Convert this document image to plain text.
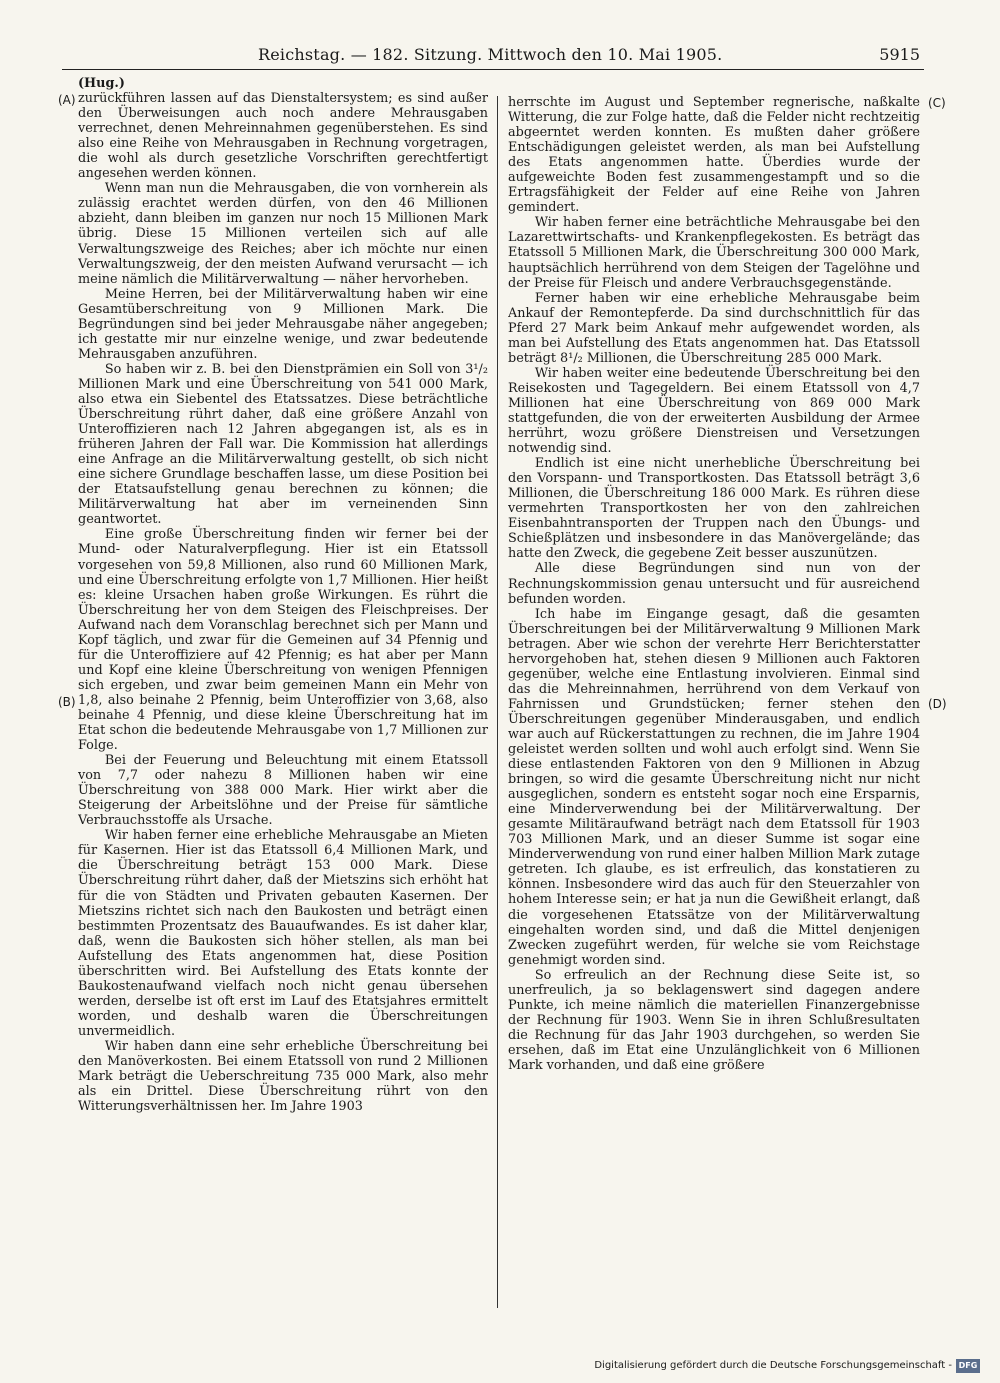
Reichstag. — 182. Sitzung. Mittwoch den 10. Mai 1905.	5915
(A)
(B)
(C)
(D)

(Hug.)

zurückführen lassen auf das Dienstaltersystem; es sind außer den Überweisungen auch noch andere Mehrausgaben verrechnet, denen Mehreinnahmen gegenüberstehen. Es sind also eine Reihe von Mehrausgaben in Rechnung vorgetragen, die wohl als durch gesetzliche Vorschriften gerechtfertigt angesehen werden können.

Wenn man nun die Mehrausgaben, die von vornherein als zulässig erachtet werden dürfen, von den 46 Millionen abzieht, dann bleiben im ganzen nur noch 15 Millionen Mark übrig. Diese 15 Millionen verteilen sich auf alle Verwaltungszweige des Reiches; aber ich möchte nur einen Verwaltungszweig, der den meisten Aufwand verursacht — ich meine nämlich die Militärverwaltung — näher hervorheben.

Meine Herren, bei der Militärverwaltung haben wir eine Gesamtüberschreitung von 9 Millionen Mark. Die Begründungen sind bei jeder Mehrausgabe näher angegeben; ich gestatte mir nur einzelne wenige, und zwar bedeutende Mehrausgaben anzuführen.

So haben wir z. B. bei den Dienstprämien ein Soll von 3¹/₂ Millionen Mark und eine Überschreitung von 541 000 Mark, also etwa ein Siebentel des Etatssatzes. Diese beträchtliche Überschreitung rührt daher, daß eine größere Anzahl von Unteroffizieren nach 12 Jahren abgegangen ist, als es in früheren Jahren der Fall war. Die Kommission hat allerdings eine Anfrage an die Militärverwaltung gestellt, ob sich nicht eine sichere Grundlage beschaffen lasse, um diese Position bei der Etatsaufstellung genau berechnen zu können; die Militärverwaltung hat aber im verneinenden Sinn geantwortet.

Eine große Überschreitung finden wir ferner bei der Mund- oder Naturalverpflegung. Hier ist ein Etatssoll vorgesehen von 59,8 Millionen, also rund 60 Millionen Mark, und eine Überschreitung erfolgte von 1,7 Millionen. Hier heißt es: kleine Ursachen haben große Wirkungen. Es rührt die Überschreitung her von dem Steigen des Fleischpreises. Der Aufwand nach dem Voranschlag berechnet sich per Mann und Kopf täglich, und zwar für die Gemeinen auf 34 Pfennig und für die Unteroffiziere auf 42 Pfennig; es hat aber per Mann und Kopf eine kleine Überschreitung von wenigen Pfennigen sich ergeben, und zwar beim gemeinen Mann ein Mehr von 1,8, also beinahe 2 Pfennig, beim Unteroffizier von 3,68, also beinahe 4 Pfennig, und diese kleine Überschreitung hat im Etat schon die bedeutende Mehrausgabe von 1,7 Millionen zur Folge.

Bei der Feuerung und Beleuchtung mit einem Etatssoll von 7,7 oder nahezu 8 Millionen haben wir eine Überschreitung von 388 000 Mark. Hier wirkt aber die Steigerung der Arbeitslöhne und der Preise für sämtliche Verbrauchsstoffe als Ursache.

Wir haben ferner eine erhebliche Mehrausgabe an Mieten für Kasernen. Hier ist das Etatssoll 6,4 Millionen Mark, und die Überschreitung beträgt 153 000 Mark. Diese Überschreitung rührt daher, daß der Mietszins sich erhöht hat für die von Städten und Privaten gebauten Kasernen. Der Mietszins richtet sich nach den Baukosten und beträgt einen bestimmten Prozentsatz des Bauaufwandes. Es ist daher klar, daß, wenn die Baukosten sich höher stellen, als man bei Aufstellung des Etats angenommen hat, diese Position überschritten wird. Bei Aufstellung des Etats konnte der Baukostenaufwand vielfach noch nicht genau übersehen werden, derselbe ist oft erst im Lauf des Etatsjahres ermittelt worden, und deshalb waren die Überschreitungen unvermeidlich.

Wir haben dann eine sehr erhebliche Überschreitung bei den Manöverkosten. Bei einem Etatssoll von rund 2 Millionen Mark beträgt die Ueberschreitung 735 000 Mark, also mehr als ein Drittel. Diese Überschreitung rührt von den Witterungsverhältnissen her. Im Jahre 1903

herrschte im August und September regnerische, naßkalte Witterung, die zur Folge hatte, daß die Felder nicht rechtzeitig abgeerntet werden konnten. Es mußten daher größere Entschädigungen geleistet werden, als man bei Aufstellung des Etats angenommen hatte. Überdies wurde der aufgeweichte Boden fest zusammengestampft und so die Ertragsfähigkeit der Felder auf eine Reihe von Jahren gemindert.

Wir haben ferner eine beträchtliche Mehrausgabe bei den Lazarettwirtschafts- und Krankenpflegekosten. Es beträgt das Etatssoll 5 Millionen Mark, die Überschreitung 300 000 Mark, hauptsächlich herrührend von dem Steigen der Tagelöhne und der Preise für Fleisch und andere Verbrauchsgegenstände.

Ferner haben wir eine erhebliche Mehrausgabe beim Ankauf der Remontepferde. Da sind durchschnittlich für das Pferd 27 Mark beim Ankauf mehr aufgewendet worden, als man bei Aufstellung des Etats angenommen hat. Das Etatssoll beträgt 8¹/₂ Millionen, die Überschreitung 285 000 Mark.

Wir haben weiter eine bedeutende Überschreitung bei den Reisekosten und Tagegeldern. Bei einem Etatssoll von 4,7 Millionen hat eine Überschreitung von 869 000 Mark stattgefunden, die von der erweiterten Ausbildung der Armee herrührt, wozu größere Dienstreisen und Versetzungen notwendig sind.

Endlich ist eine nicht unerhebliche Überschreitung bei den Vorspann- und Transportkosten. Das Etatssoll beträgt 3,6 Millionen, die Überschreitung 186 000 Mark. Es rühren diese vermehrten Transportkosten her von den zahlreichen Eisenbahntransporten der Truppen nach den Übungs- und Schießplätzen und insbesondere in das Manövergelände; das hatte den Zweck, die gegebene Zeit besser auszunützen.

Alle diese Begründungen sind nun von der Rechnungskommission genau untersucht und für ausreichend befunden worden.

Ich habe im Eingange gesagt, daß die gesamten Überschreitungen bei der Militärverwaltung 9 Millionen Mark betragen. Aber wie schon der verehrte Herr Berichterstatter hervorgehoben hat, stehen diesen 9 Millionen auch Faktoren gegenüber, welche eine Entlastung involvieren. Einmal sind das die Mehreinnahmen, herrührend von dem Verkauf von Fahrnissen und Grundstücken; ferner stehen den Überschreitungen gegenüber Minderausgaben, und endlich war auch auf Rückerstattungen zu rechnen, die im Jahre 1904 geleistet werden sollten und wohl auch erfolgt sind. Wenn Sie diese entlastenden Faktoren von den 9 Millionen in Abzug bringen, so wird die gesamte Überschreitung nicht nur nicht ausgeglichen, sondern es entsteht sogar noch eine Ersparnis, eine Minderverwendung bei der Militärverwaltung. Der gesamte Militäraufwand beträgt nach dem Etatssoll für 1903 703 Millionen Mark, und an dieser Summe ist sogar eine Minderverwendung von rund einer halben Million Mark zutage getreten. Ich glaube, es ist erfreulich, das konstatieren zu können. Insbesondere wird das auch für den Steuerzahler von hohem Interesse sein; er hat ja nun die Gewißheit erlangt, daß die vorgesehenen Etatssätze von der Militärverwaltung eingehalten worden sind, und daß die Mittel denjenigen Zwecken zugeführt werden, für welche sie vom Reichstage genehmigt worden sind.

So erfreulich an der Rechnung diese Seite ist, so unerfreulich, ja so beklagenswert sind dagegen andere Punkte, ich meine nämlich die materiellen Finanzergebnisse der Rechnung für 1903. Wenn Sie in ihren Schlußresultaten die Rechnung für das Jahr 1903 durchgehen, so werden Sie ersehen, daß im Etat eine Unzulänglichkeit von 6 Millionen Mark vorhanden, und daß eine größere

Digitalisierung gefördert durch die Deutsche Forschungsgemeinschaft - DFG
